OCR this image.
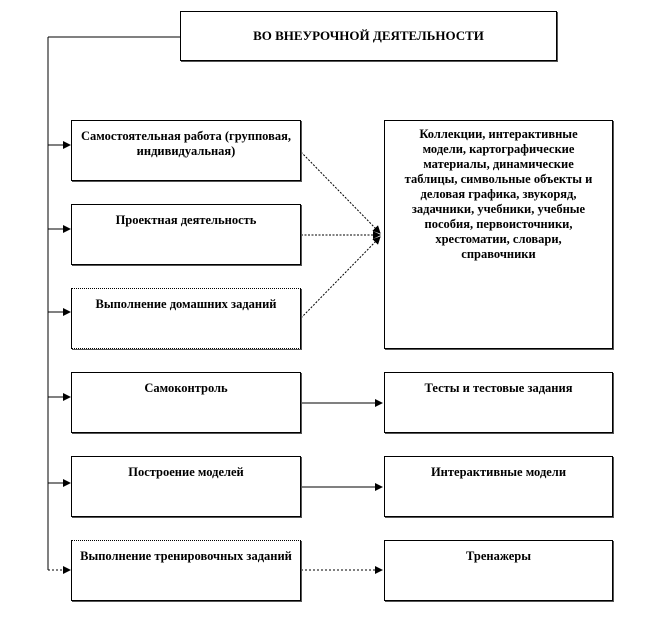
ВО ВНЕУРОЧНОЙ ДЕЯТЕЛЬНОСТИ
Самостоятельная работа (групповая, индивидуальная)
Проектная деятельность
Выполнение домашних заданий
Самоконтроль
Построение моделей
Выполнение тренировочных заданий
Коллекции, интерактивные модели, картографические материалы, динамические таблицы, символьные объекты и деловая графика, звукоряд, задачники, учебники, учебные пособия, первоисточники, хрестоматии, словари, справочники
Тесты и тестовые задания
Интерактивные модели
Тренажеры
